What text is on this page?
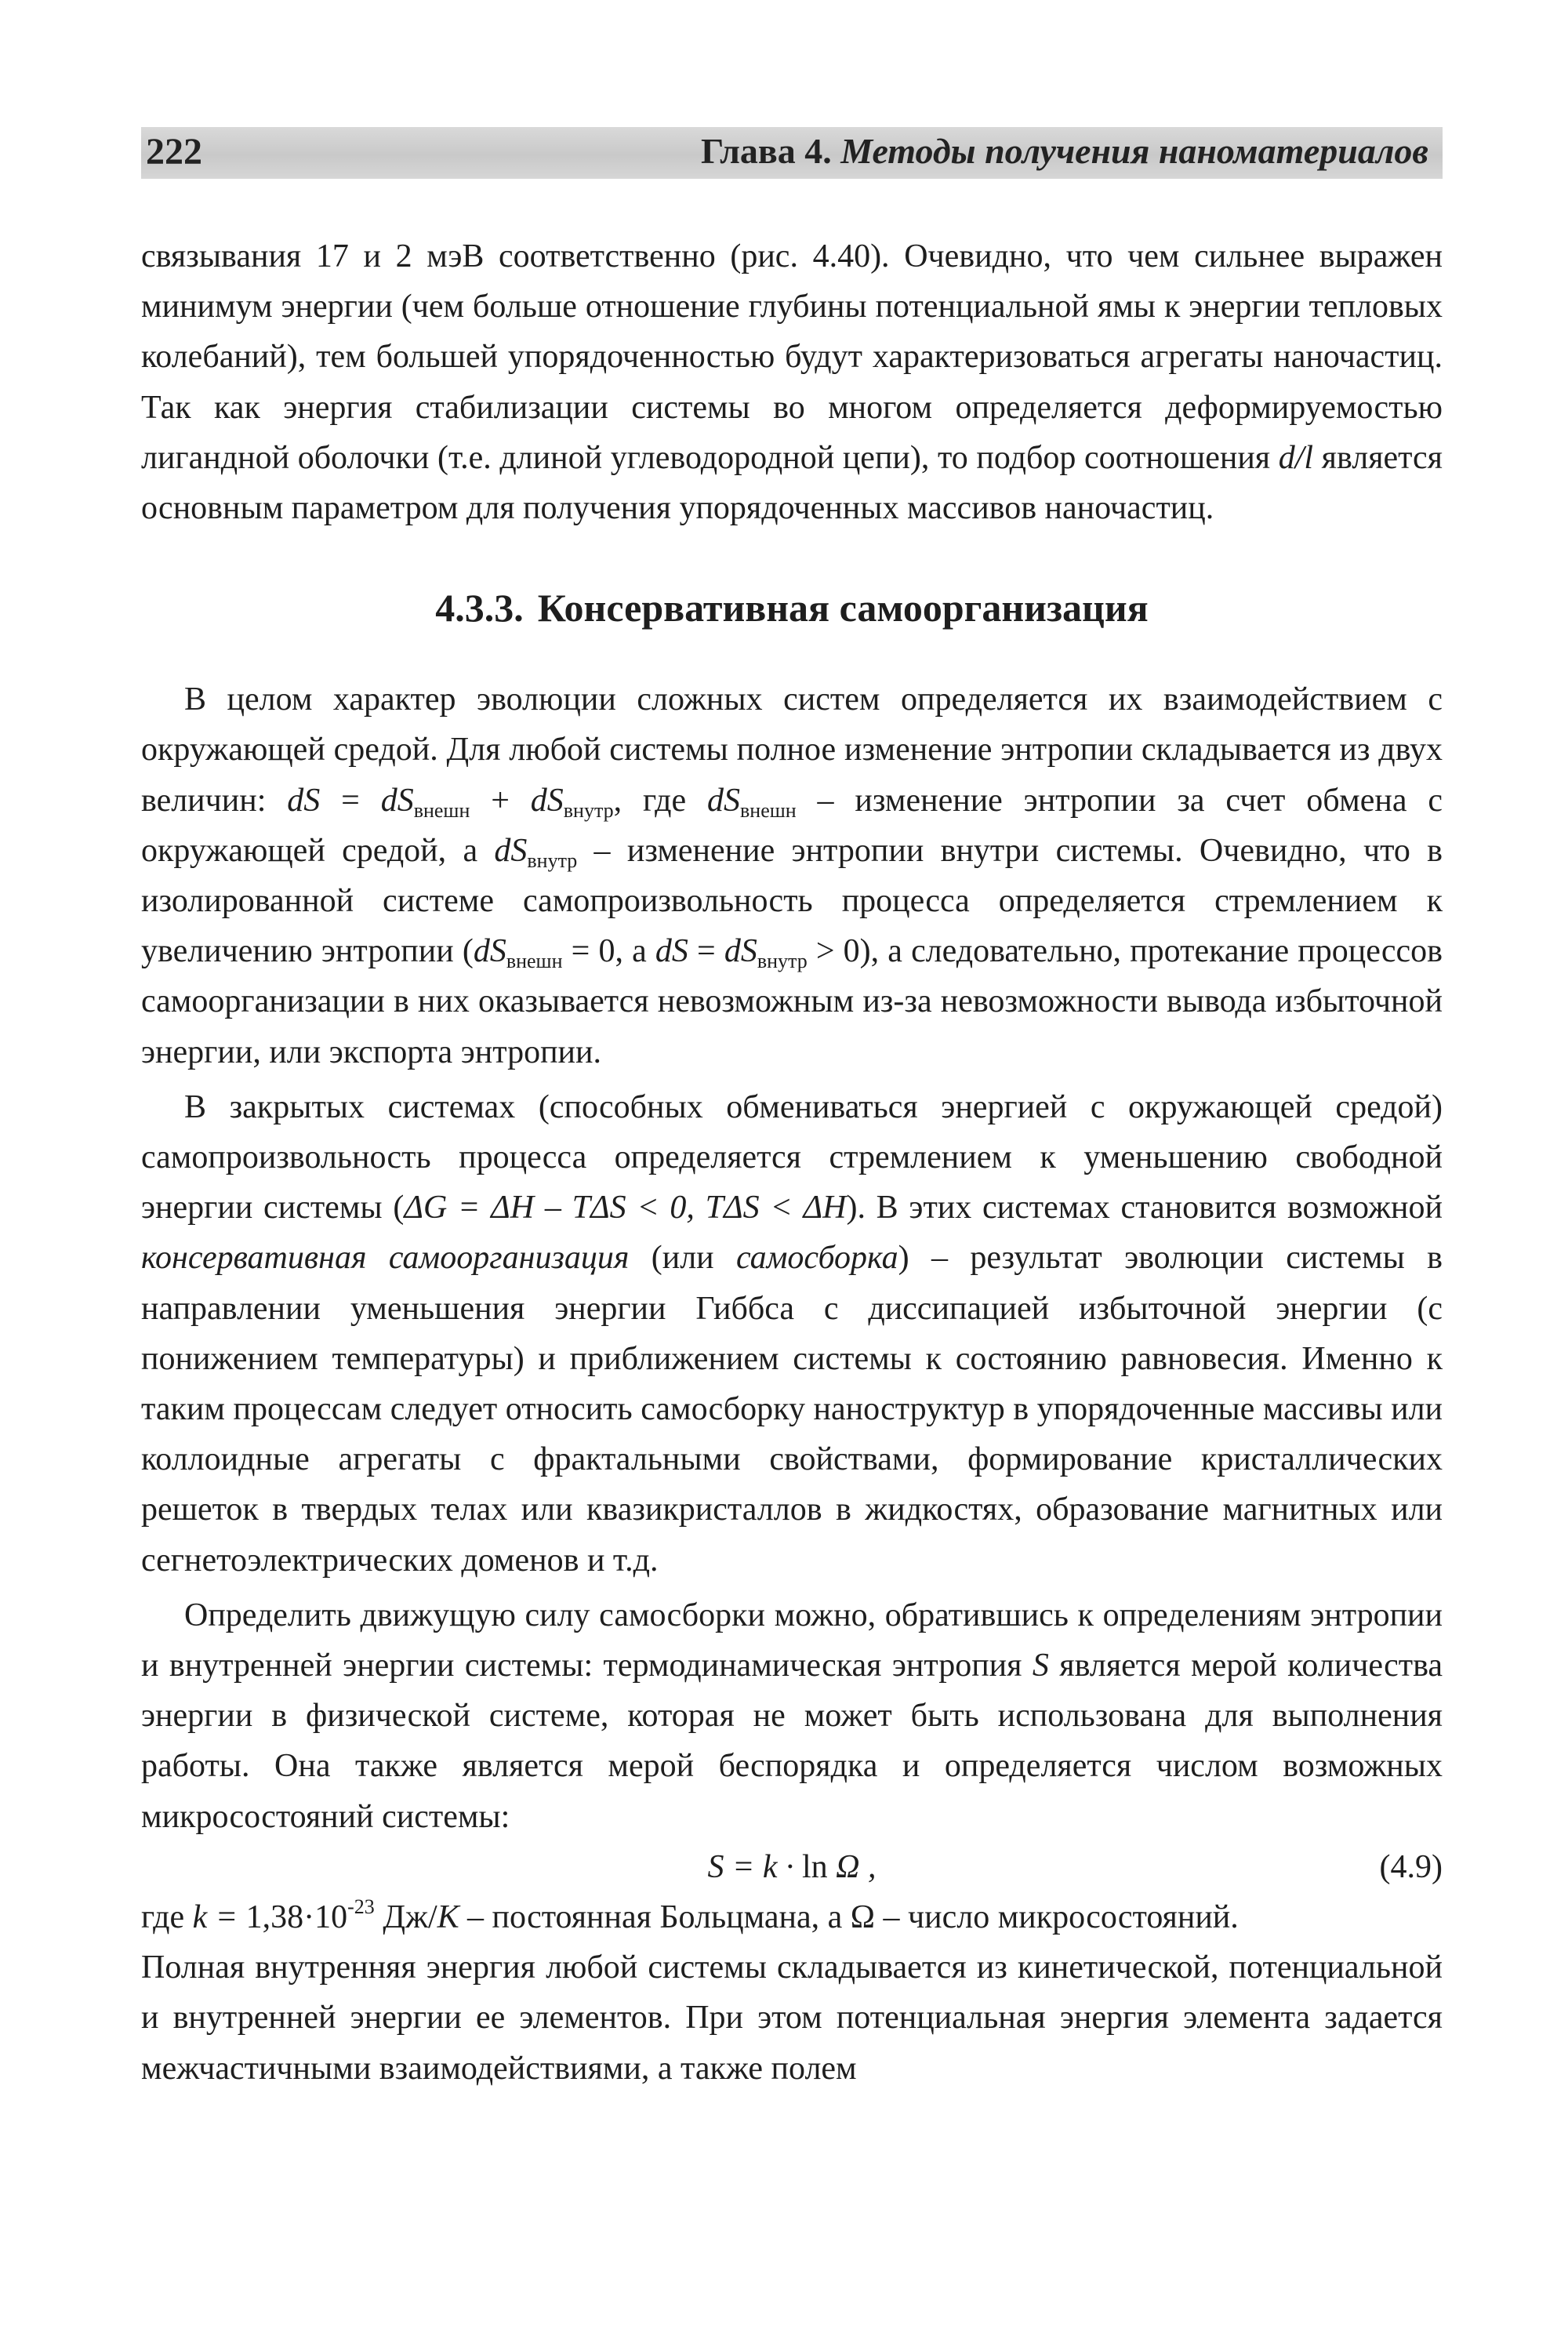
222	Глава 4. Методы получения наноматериалов

связывания 17 и 2 мэВ соответственно (рис. 4.40). Очевидно, что чем сильнее выражен минимум энергии (чем больше отношение глубины потенциальной ямы к энергии тепловых колебаний), тем большей упорядоченностью будут характеризоваться агрегаты наночастиц. Так как энергия стабилизации системы во многом определяется деформируемостью лигандной оболочки (т.е. длиной углеводородной цепи), то подбор соотношения d/l является основным параметром для получения упорядоченных массивов наночастиц.

4.3.3. Консервативная самоорганизация

В целом характер эволюции сложных систем определяется их взаимодействием с окружающей средой. Для любой системы полное изменение энтропии складывается из двух величин: dS = $dS_{внешн} + dS_{внутр}$, где $dS_{внешн}$ – изменение энтропии за счет обмена с окружающей средой, а $dS_{внутр}$ – изменение энтропии внутри системы. Очевидно, что в изолированной системе самопроизвольность процесса определяется стремлением к увеличению энтропии ($dS_{внешн} = 0$, а dS = $dS_{внутр} > 0$), а следовательно, протекание процессов самоорганизации в них оказывается невозможным из-за невозможности вывода избыточной энергии, или экспорта энтропии.

В закрытых системах (способных обмениваться энергией с окружающей средой) самопроизвольность процесса определяется стремлением к уменьшению свободной энергии системы (ΔG = ΔH – TΔS < 0, TΔS < ΔH). В этих системах становится возможной консервативная самоорганизация (или самосборка) – результат эволюции системы в направлении уменьшения энергии Гиббса с диссипацией избыточной энергии (с понижением температуры) и приближением системы к состоянию равновесия. Именно к таким процессам следует относить самосборку наноструктур в упорядоченные массивы или коллоидные агрегаты с фрактальными свойствами, формирование кристаллических решеток в твердых телах или квазикристаллов в жидкостях, образование магнитных или сегнетоэлектрических доменов и т.д.

Определить движущую силу самосборки можно, обратившись к определениям энтропии и внутренней энергии системы: термодинамическая энтропия S является мерой количества энергии в физической системе, которая не может быть использована для выполнения работы. Она также является мерой беспорядка и определяется числом возможных микросостояний системы:

S = k · ln Ω ,	(4.9)

где $k = 1,38\cdot 10^{-23}$ Дж/К – постоянная Больцмана, а Ω – число микросостояний.

Полная внутренняя энергия любой системы складывается из кинетической, потенциальной и внутренней энергии ее элементов. При этом потенциальная энергия элемента задается межчастичными взаимодействиями, а также полем
